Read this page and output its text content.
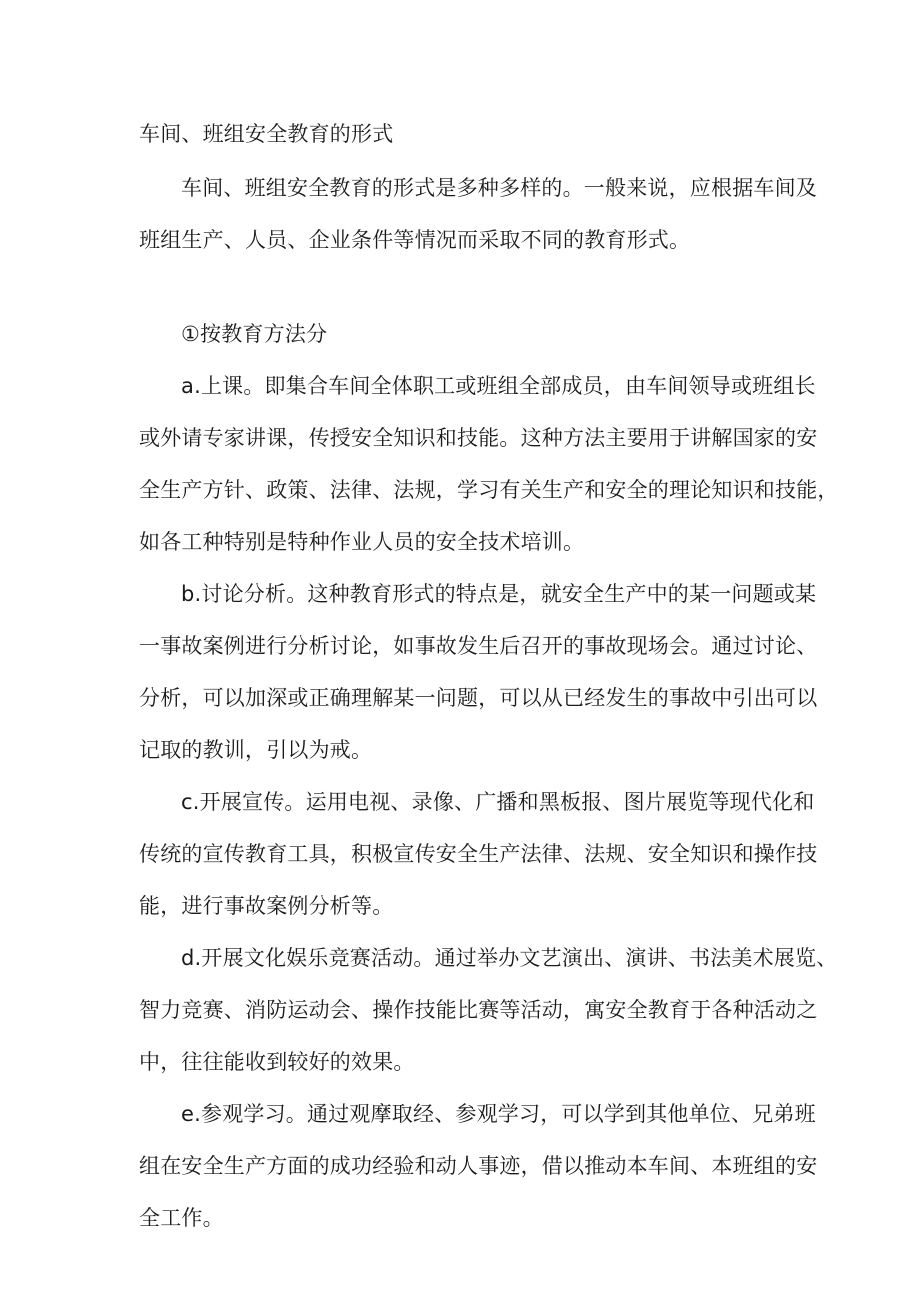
车间、班组安全教育的形式
车间、班组安全教育的形式是多种多样的。一般来说，应根据车间及
班组生产、人员、企业条件等情况而采取不同的教育形式。
①按教育方法分
a.上课。即集合车间全体职工或班组全部成员，由车间领导或班组长
或外请专家讲课，传授安全知识和技能。这种方法主要用于讲解国家的安
全生产方针、政策、法律、法规，学习有关生产和安全的理论知识和技能，
如各工种特别是特种作业人员的安全技术培训。
b.讨论分析。这种教育形式的特点是，就安全生产中的某一问题或某
一事故案例进行分析讨论，如事故发生后召开的事故现场会。通过讨论、
分析，可以加深或正确理解某一问题，可以从已经发生的事故中引出可以
记取的教训，引以为戒。
c.开展宣传。运用电视、录像、广播和黑板报、图片展览等现代化和
传统的宣传教育工具，积极宣传安全生产法律、法规、安全知识和操作技
能，进行事故案例分析等。
d.开展文化娱乐竞赛活动。通过举办文艺演出、演讲、书法美术展览、
智力竞赛、消防运动会、操作技能比赛等活动，寓安全教育于各种活动之
中，往往能收到较好的效果。
e.参观学习。通过观摩取经、参观学习，可以学到其他单位、兄弟班
组在安全生产方面的成功经验和动人事迹，借以推动本车间、本班组的安
全工作。
